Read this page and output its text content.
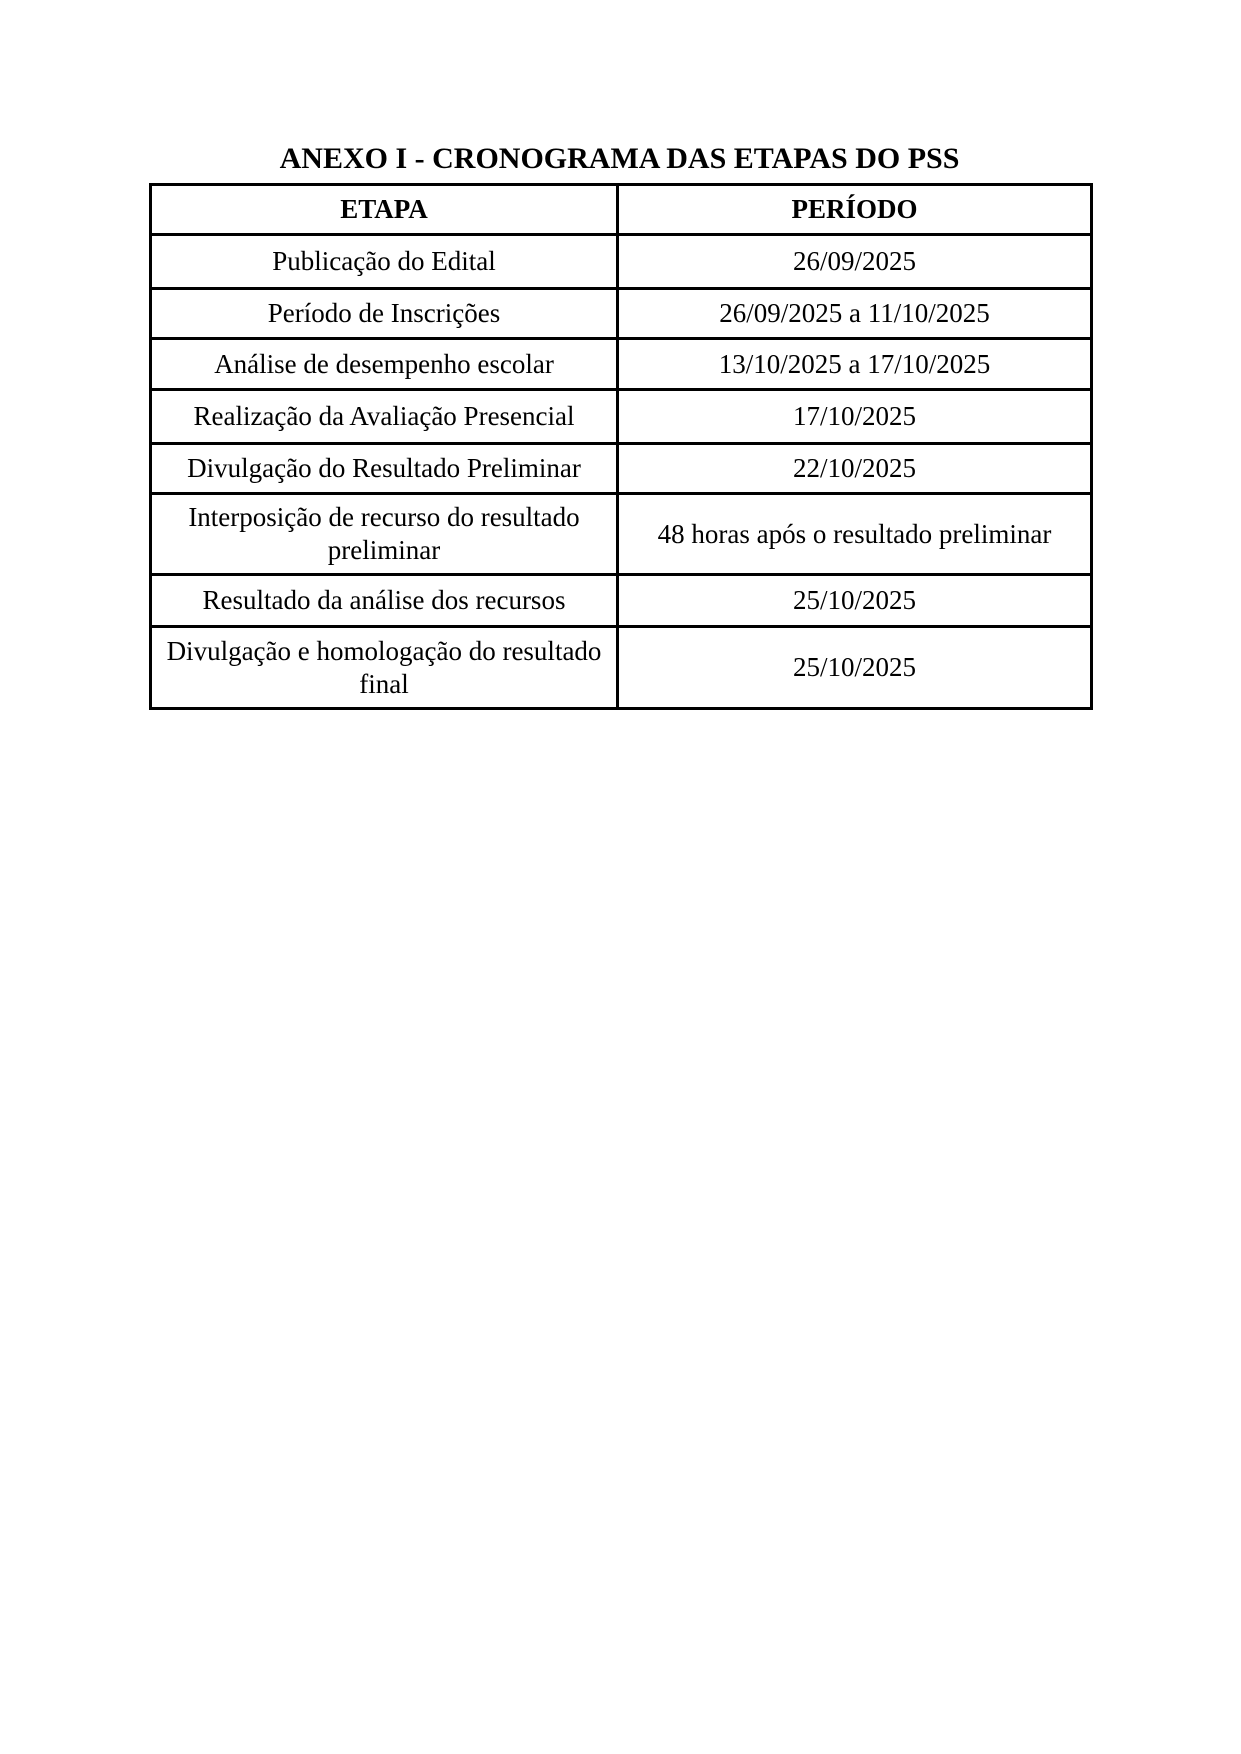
ANEXO I - CRONOGRAMA DAS ETAPAS DO PSS
ETAPA	PERÍODO
Publicação do Edital	26/09/2025
Período de Inscrições	26/09/2025 a 11/10/2025
Análise de desempenho escolar	13/10/2025 a 17/10/2025
Realização da Avaliação Presencial	17/10/2025
Divulgação do Resultado Preliminar	22/10/2025
Interposição de recurso do resultado preliminar	48 horas após o resultado preliminar
Resultado da análise dos recursos	25/10/2025
Divulgação e homologação do resultado final	25/10/2025
